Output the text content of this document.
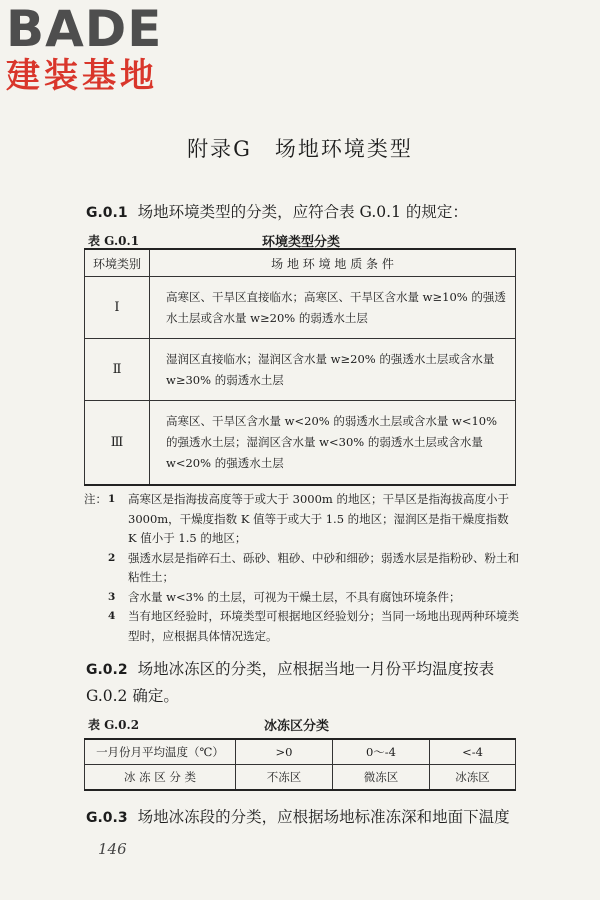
BADE
建装基地
附录G　场地环境类型
G.0.1 场地环境类型的分类，应符合表 G.0.1 的规定：
表 G.0.1	环境类型分类
环境类别	场 地 环 境 地 质 条 件
Ⅰ	高寒区、干旱区直接临水；高寒区、干旱区含水量 w≥10% 的强透水土层或含水量 w≥20% 的弱透水土层
Ⅱ	湿润区直接临水；湿润区含水量 w≥20% 的强透水土层或含水量 w≥30% 的弱透水土层
Ⅲ	高寒区、干旱区含水量 w<20% 的弱透水土层或含水量 w<10% 的强透水土层；湿润区含水量 w<30% 的弱透水土层或含水量 w<20% 的强透水土层
注： 1	高寒区是指海拔高度等于或大于 3000m 的地区；干旱区是指海拔高度小于 3000m，干燥度指数 K 值等于或大于 1.5 的地区；湿润区是指干燥度指数 K 值小于 1.5 的地区；
2	强透水层是指碎石土、砾砂、粗砂、中砂和细砂；弱透水层是指粉砂、粉土和粘性土；
3	含水量 w<3% 的土层，可视为干燥土层，不具有腐蚀环境条件；
4	当有地区经验时，环境类型可根据地区经验划分；当同一场地出现两种环境类型时，应根据具体情况选定。
G.0.2 场地冰冻区的分类，应根据当地一月份平均温度按表 G.0.2 确定。
表 G.0.2	冰冻区分类
一月份月平均温度（℃）	>0	0～-4	<-4
冰 冻 区 分 类	不冻区	微冻区	冰冻区
G.0.3 场地冰冻段的分类，应根据场地标准冻深和地面下温度
146
